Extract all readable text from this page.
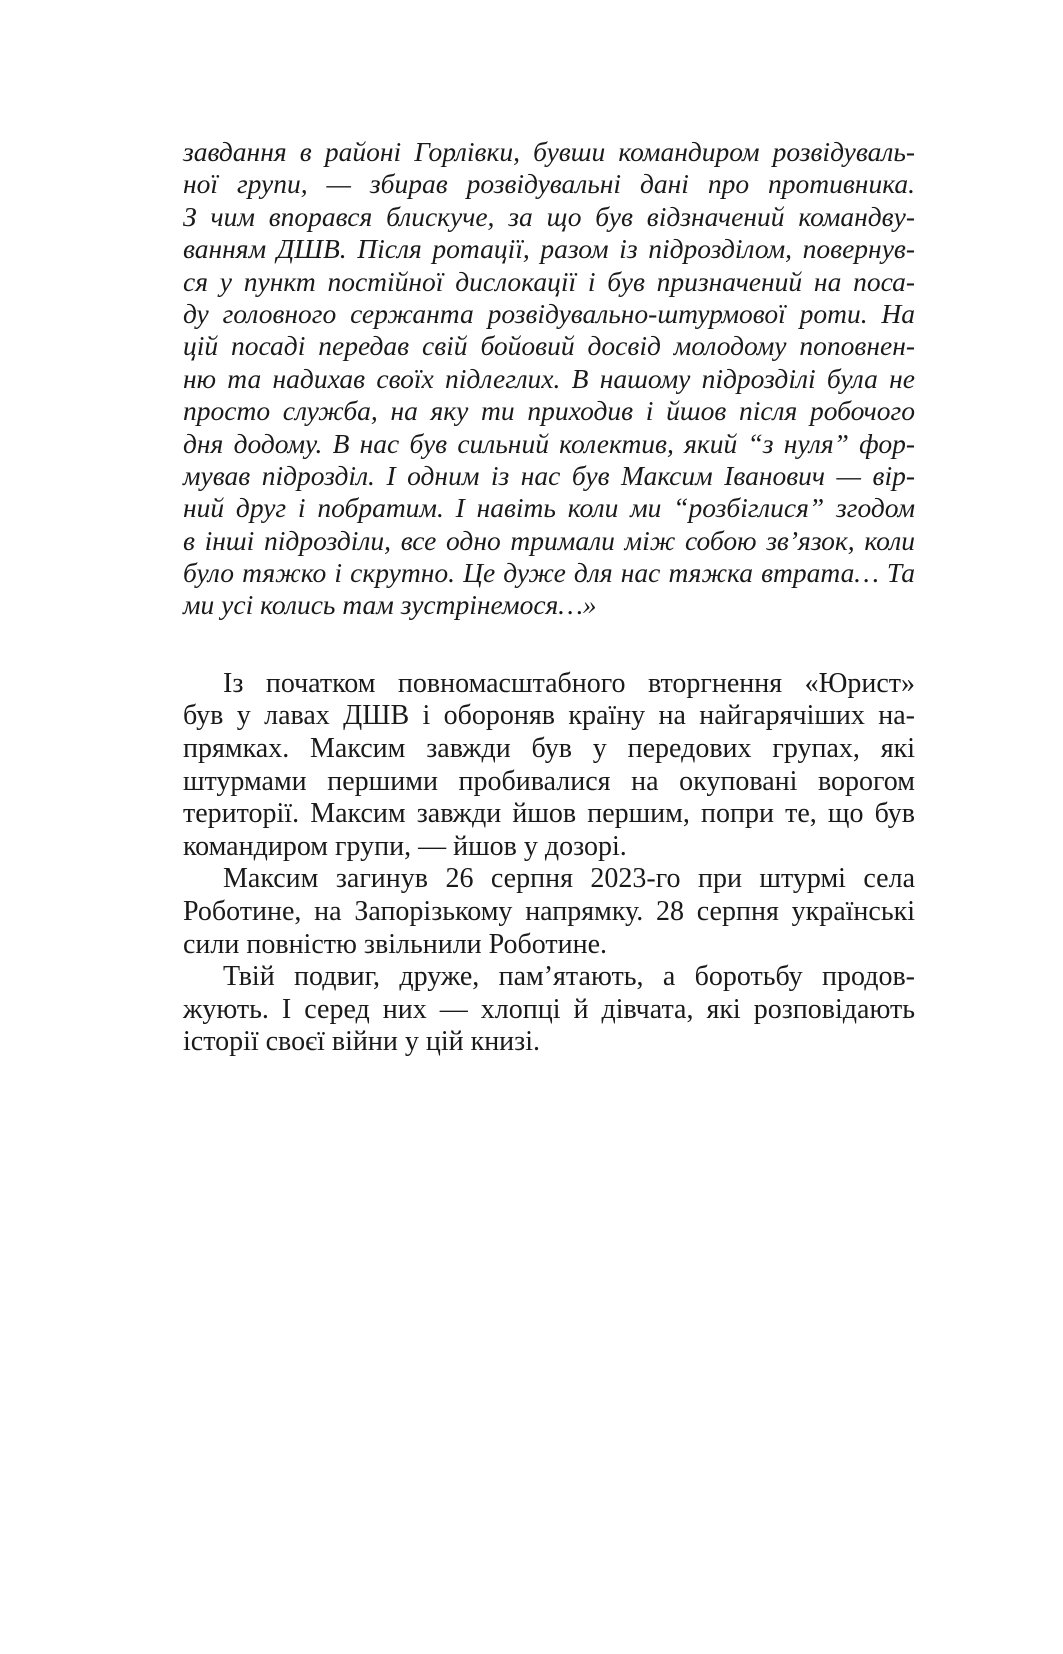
завдання в районі Горлівки, бувши командиром розвідуваль-
ної групи, — збирав розвідувальні дані про противника.
З чим впорався блискуче, за що був відзначений командву-
ванням ДШВ. Після ротації, разом із підрозділом, повернув-
ся у пункт постійної дислокації і був призначений на поса-
ду головного сержанта розвідувально-штурмової роти. На
цій посаді передав свій бойовий досвід молодому поповнен-
ню та надихав своїх підлеглих. В нашому підрозділі була не
просто служба, на яку ти приходив і йшов після робочого
дня додому. В нас був сильний колектив, який “з нуля” фор-
мував підрозділ. І одним із нас був Максим Іванович — вір-
ний друг і побратим. І навіть коли ми “розбіглися” згодом
в інші підрозділи, все одно тримали між собою зв’язок, коли
було тяжко і скрутно. Це дуже для нас тяжка втрата… Та
ми усі колись там зустрінемося…»
Із початком повномасштабного вторгнення «Юрист»
був у лавах ДШВ і обороняв країну на найгарячіших на-
прямках. Максим завжди був у передових групах, які
штурмами першими пробивалися на окуповані ворогом
території. Максим завжди йшов першим, попри те, що був
командиром групи, — йшов у дозорі.
Максим загинув 26 серпня 2023-го при штурмі села
Роботине, на Запорізькому напрямку. 28 серпня українські
сили повністю звільнили Роботине.
Твій подвиг, друже, пам’ятають, а боротьбу продов-
жують. І серед них — хлопці й дівчата, які розповідають
історії своєї війни у цій книзі.
